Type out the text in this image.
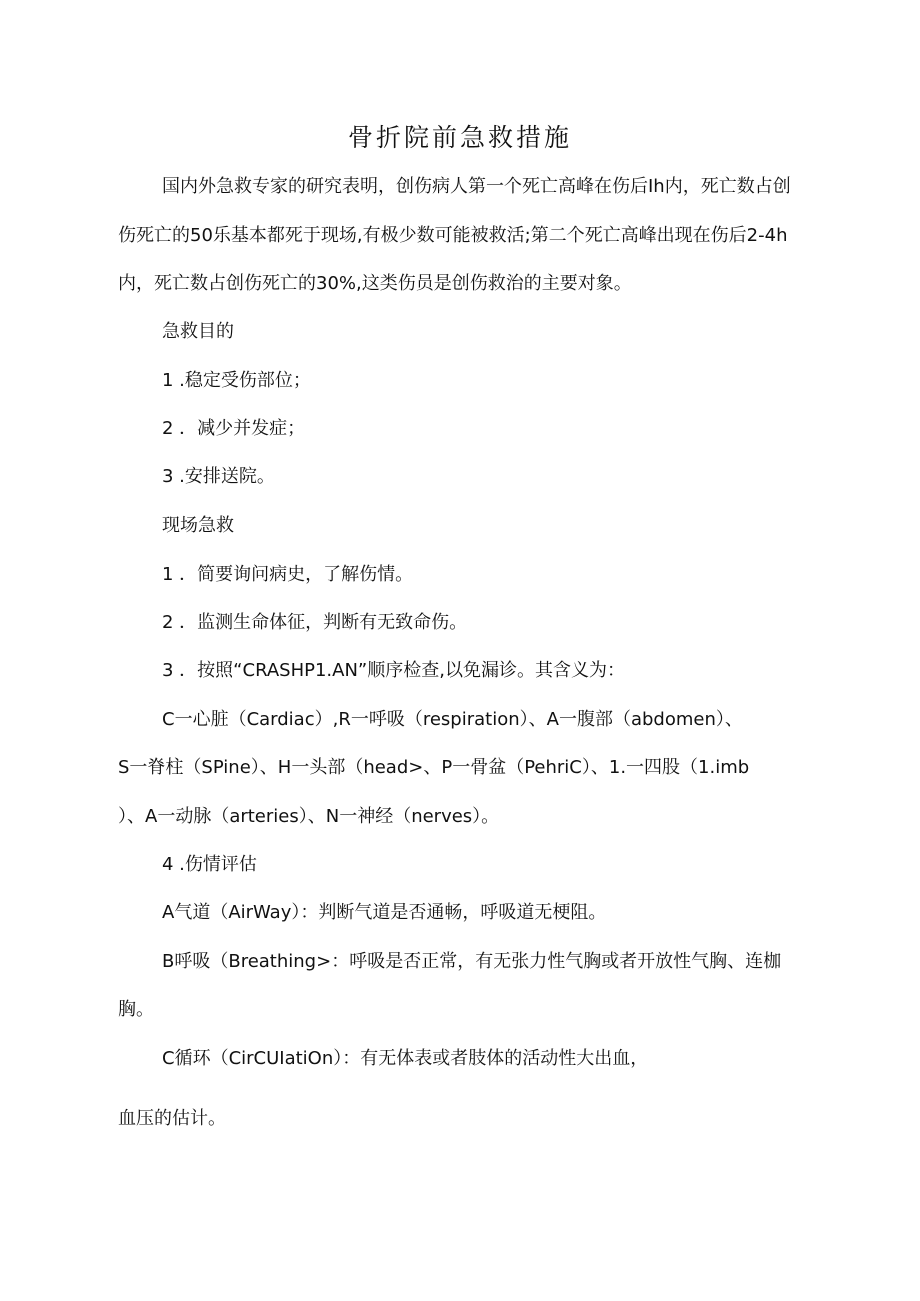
骨折院前急救措施
国内外急救专家的研究表明，创伤病人第一个死亡高峰在伤后Ih内，死亡数占创
伤死亡的50乐基本都死于现场,有极少数可能被救活;第二个死亡高峰出现在伤后2-4h
内，死亡数占创伤死亡的30%,这类伤员是创伤救治的主要对象。
急救目的
1 .稳定受伤部位；
2 ．减少并发症；
3 .安排送院。
现场急救
1 ．简要询问病史，了解伤情。
2 ．监测生命体征，判断有无致命伤。
3 ．按照“CRASHP1.AN”顺序检查,以免漏诊。其含义为：
C一心脏（Cardiac）,R一呼吸（respiration）、A一腹部（abdomen）、
S一脊柱（SPine）、H一头部（head>、P一骨盆（PehriC）、1.一四股（1.imb
）、A一动脉（arteries）、N一神经（nerves）。
4 .伤情评估
A气道（AirWay）：判断气道是否通畅，呼吸道无梗阻。
B呼吸（Breathing>：呼吸是否正常，有无张力性气胸或者开放性气胸、连枷
胸。
C循环（CirCUIatiOn）：有无体表或者肢体的活动性大出血，
血压的估计。
